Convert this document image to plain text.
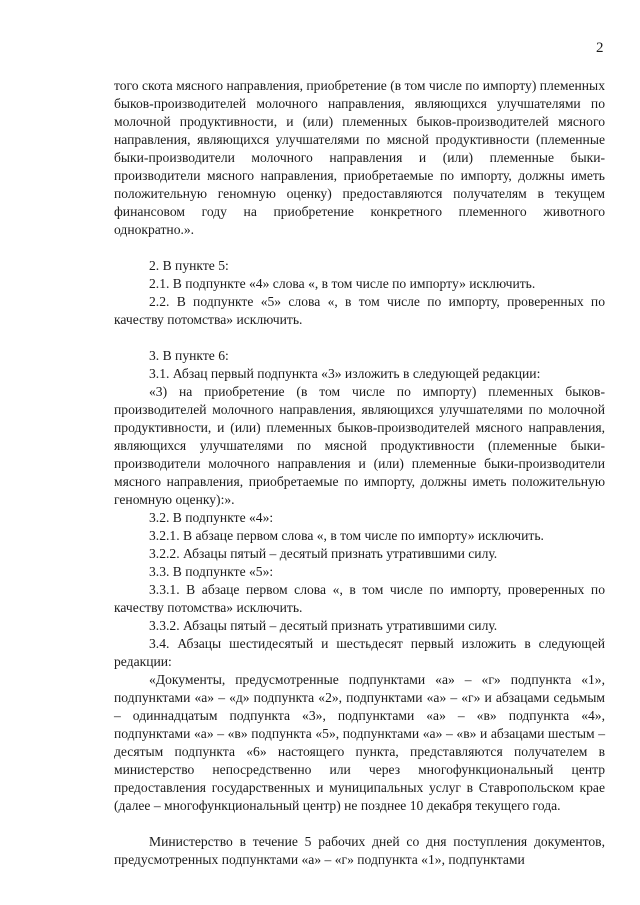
2

того скота мясного направления, приобретение (в том числе по импорту) племенных быков-производителей молочного направления, являющихся улучшателями по молочной продуктивности, и (или) племенных быков-производителей мясного направления, являющихся улучшателями по мясной продуктивности (племенные быки-производители молочного направления и (или) племенные быки-производители мясного направления, приобретаемые по импорту, должны иметь положительную геномную оценку) предоставляются получателям в текущем финансовом году на приобретение конкретного племенного животного однократно.».

2. В пункте 5:

2.1. В подпункте «4» слова «, в том числе по импорту» исключить.

2.2. В подпункте «5» слова «, в том числе по импорту, проверенных по качеству потомства» исключить.

3. В пункте 6:

3.1. Абзац первый подпункта «3» изложить в следующей редакции:

«3) на приобретение (в том числе по импорту) племенных быков-производителей молочного направления, являющихся улучшателями по молочной продуктивности, и (или) племенных быков-производителей мясного направления, являющихся улучшателями по мясной продуктивности (племенные быки-производители молочного направления и (или) племенные быки-производители мясного направления, приобретаемые по импорту, должны иметь положительную геномную оценку):».

3.2. В подпункте «4»:

3.2.1. В абзаце первом слова «, в том числе по импорту» исключить.

3.2.2. Абзацы пятый – десятый признать утратившими силу.

3.3. В подпункте «5»:

3.3.1. В абзаце первом слова «, в том числе по импорту, проверенных по качеству потомства» исключить.

3.3.2. Абзацы пятый – десятый признать утратившими силу.

3.4. Абзацы шестидесятый и шестьдесят первый изложить в следующей редакции:

«Документы, предусмотренные подпунктами «а» – «г» подпункта «1», подпунктами «а» – «д» подпункта «2», подпунктами «а» – «г» и абзацами седьмым – одиннадцатым подпункта «3», подпунктами «а» – «в» подпункта «4», подпунктами «а» – «в» подпункта «5», подпунктами «а» – «в» и абзацами шестым – десятым подпункта «6» настоящего пункта, представляются получателем в министерство непосредственно или через многофункциональный центр предоставления государственных и муниципальных услуг в Ставропольском крае (далее – многофункциональный центр) не позднее 10 декабря текущего года.

Министерство в течение 5 рабочих дней со дня поступления документов, предусмотренных подпунктами «а» – «г» подпункта «1», подпунктами
